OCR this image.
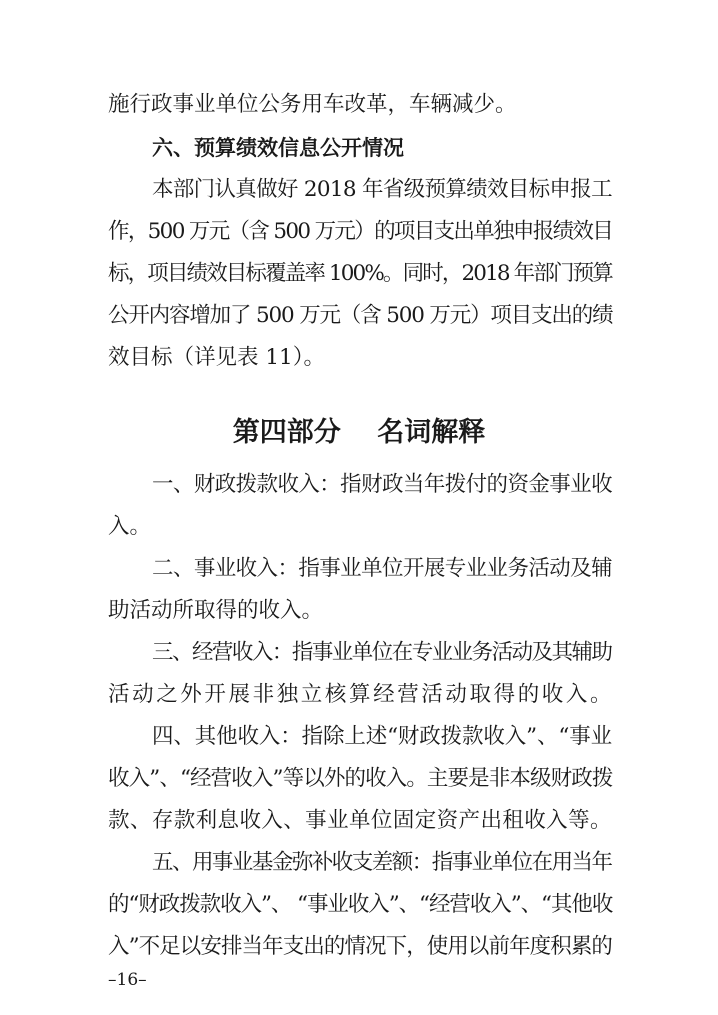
施行政事业单位公务用车改革，车辆减少。
六、预算绩效信息公开情况
本部门认真做好 2018 年省级预算绩效目标申报工
作，500 万元（含 500 万元）的项目支出单独申报绩效目
标，项目绩效目标覆盖率 100%。同时，2018 年部门预算
公开内容增加了 500 万元（含 500 万元）项目支出的绩
效目标（详见表 11）。
第四部分　 名词解释
一、财政拨款收入：指财政当年拨付的资金事业收
入。
二、事业收入：指事业单位开展专业业务活动及辅
助活动所取得的收入。
三、经营收入：指事业单位在专业业务活动及其辅助
活动之外开展非独立核算经营活动取得的收入。
四、其他收入：指除上述“财政拨款收入”、“事业
收入”、“经营收入”等以外的收入。主要是非本级财政拨
款、存款利息收入、事业单位固定资产出租收入等。
五、用事业基金弥补收支差额：指事业单位在用当年
的“财政拨款收入”、 “事业收入”、“经营收入”、“其他收
入”不足以安排当年支出的情况下，使用以前年度积累的
–16–
